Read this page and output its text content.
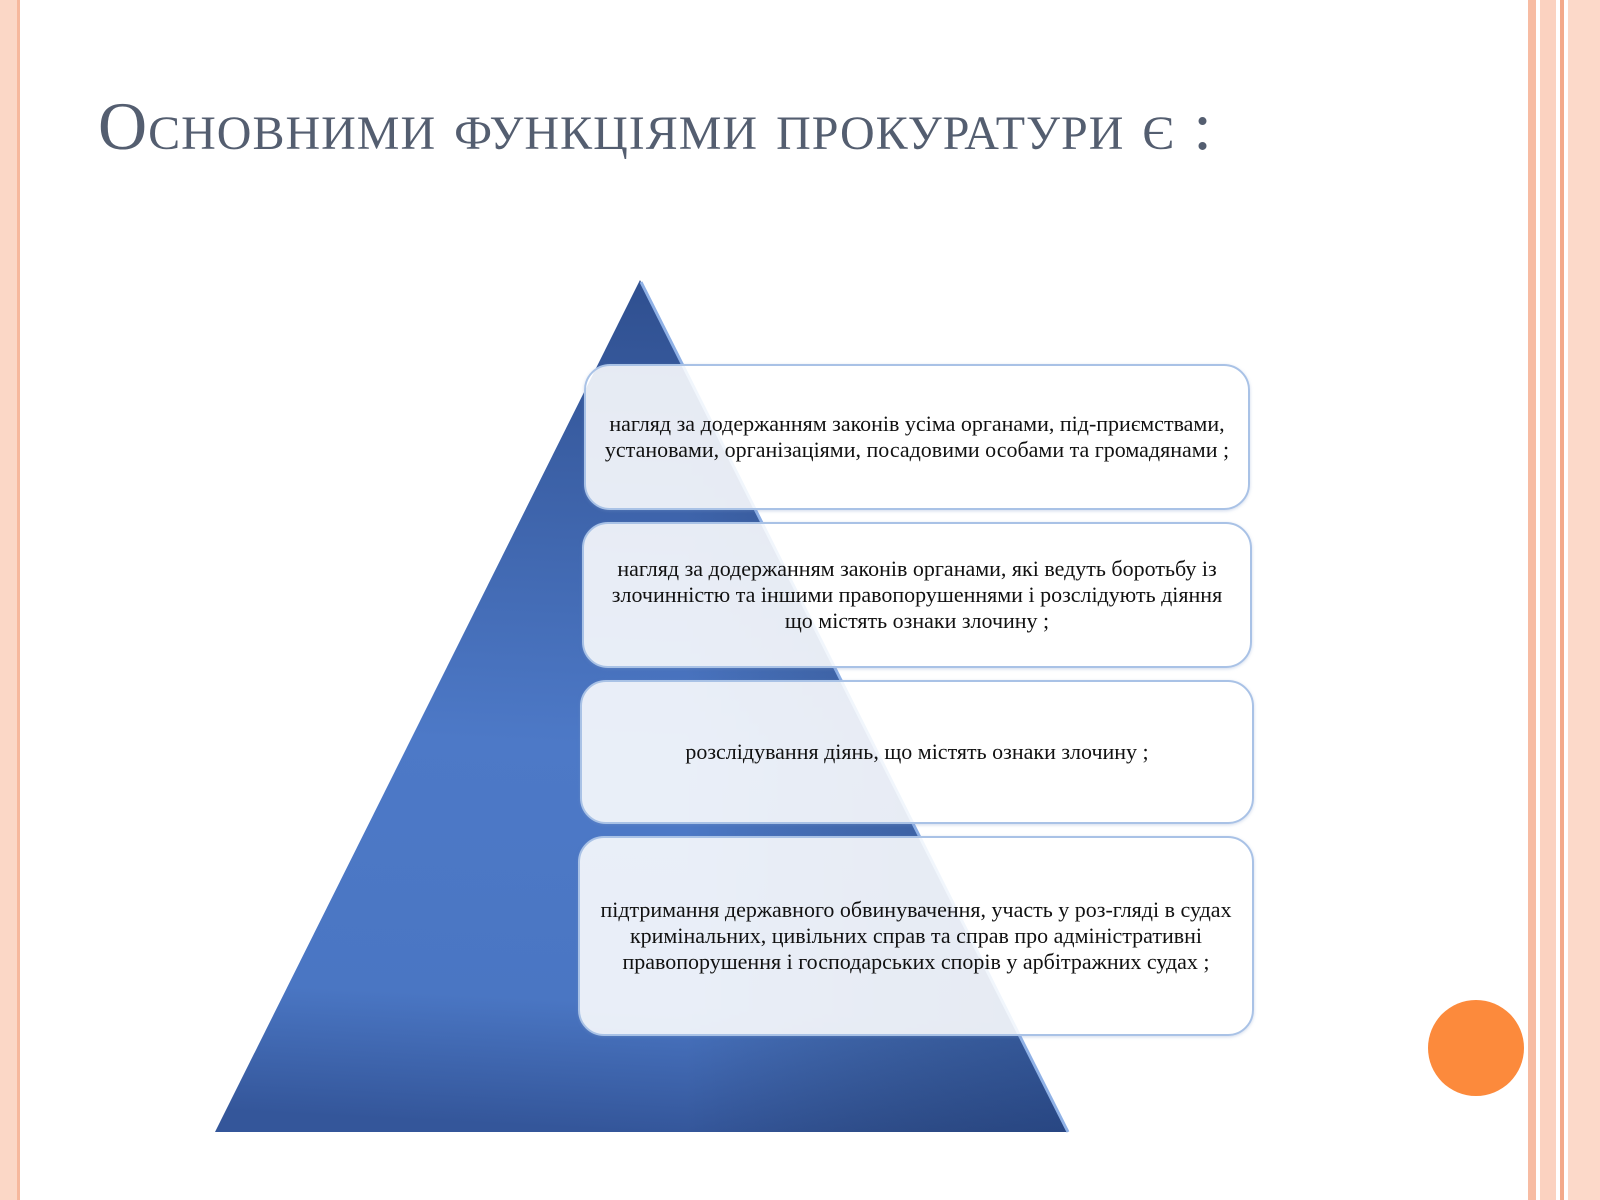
Основними функціями прокуратури є :
нагляд за додержанням законів усіма органами, під-приємствами, установами, організаціями, посадовими особами та громадянами ;
нагляд за додержанням законів органами, які ведуть боротьбу із злочинністю та іншими правопорушеннями і розслідують діяння що містять ознаки злочину ;
розслідування діянь, що містять ознаки злочину ;
підтримання державного обвинувачення, участь у роз-гляді в судах кримінальних, цивільних справ та справ про адміністративні правопорушення і господарських спорів у арбітражних судах ;
